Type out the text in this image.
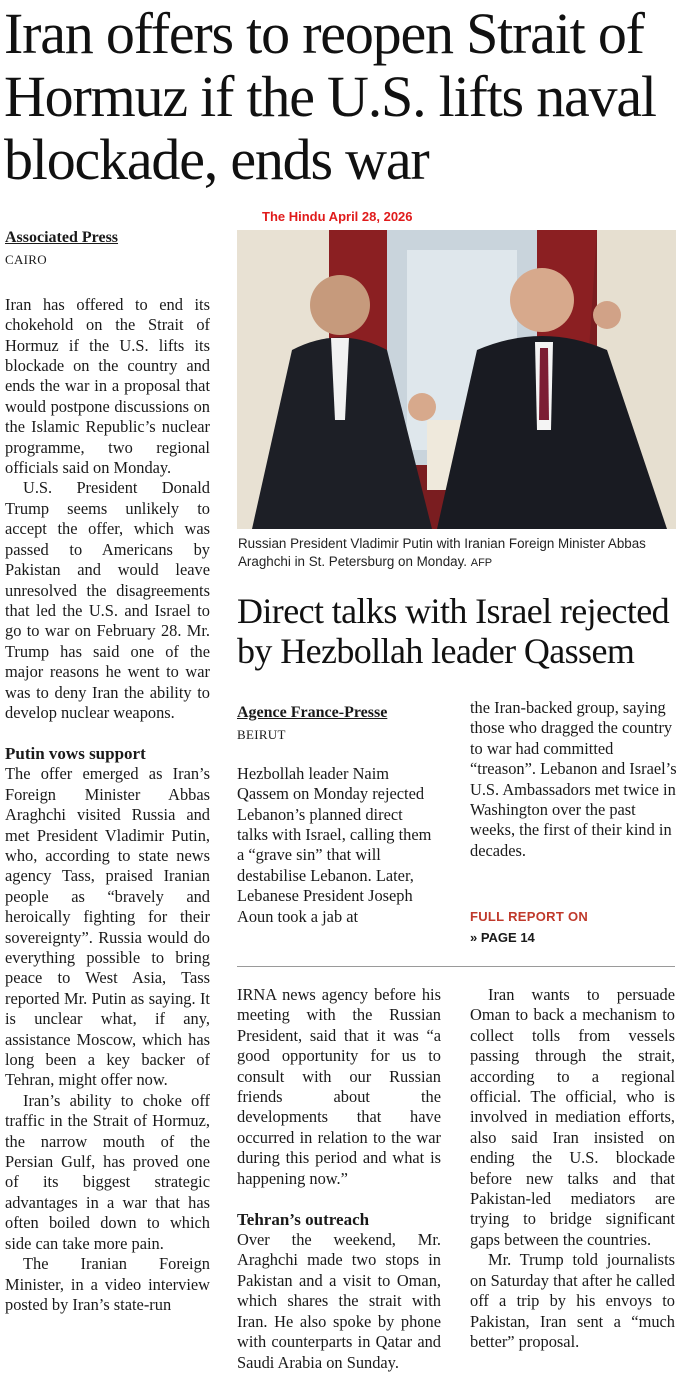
Iran offers to reopen Strait of Hormuz if the U.S. lifts naval blockade, ends war
The Hindu April 28, 2026
Associated Press
CAIRO

Iran has offered to end its chokehold on the Strait of Hormuz if the U.S. lifts its blockade on the country and ends the war in a proposal that would postpone discussions on the Islamic Republic’s nuclear programme, two regional officials said on Monday.

U.S. President Donald Trump seems unlikely to accept the offer, which was passed to Americans by Pakistan and would leave unresolved the disagreements that led the U.S. and Israel to go to war on February 28. Mr. Trump has said one of the major reasons he went to war was to deny Iran the ability to develop nuclear weapons.

Putin vows support

The offer emerged as Iran’s Foreign Minister Abbas Araghchi visited Russia and met President Vladimir Putin, who, according to state news agency Tass, praised Iranian people as “bravely and heroically fighting for their sovereignty”. Russia would do everything possible to bring peace to West Asia, Tass reported Mr. Putin as saying. It is unclear what, if any, assistance Moscow, which has long been a key backer of Tehran, might offer now.

Iran’s ability to choke off traffic in the Strait of Hormuz, the narrow mouth of the Persian Gulf, has proved one of its biggest strategic advantages in a war that has often boiled down to which side can take more pain.

The Iranian Foreign Minister, in a video interview posted by Iran’s state-run

Russian President Vladimir Putin with Iranian Foreign Minister Abbas Araghchi in St. Petersburg on Monday. AFP
Direct talks with Israel rejected by Hezbollah leader Qassem
Agence France-Presse
BEIRUT

Hezbollah leader Naim Qassem on Monday rejected Lebanon’s planned direct talks with Israel, calling them a “grave sin” that will destabilise Lebanon. Later, Lebanese President Joseph Aoun took a jab at

the Iran-backed group, saying those who dragged the country to war had committed “treason”. Lebanon and Israel’s U.S. Ambassadors met twice in Washington over the past weeks, the first of their kind in decades.

FULL REPORT ON
» PAGE 14

IRNA news agency before his meeting with the Russian President, said that it was “a good opportunity for us to consult with our Russian friends about the developments that have occurred in relation to the war during this period and what is happening now.”

Tehran’s outreach

Over the weekend, Mr. Araghchi made two stops in Pakistan and a visit to Oman, which shares the strait with Iran. He also spoke by phone with counterparts in Qatar and Saudi Arabia on Sunday.

Iran wants to persuade Oman to back a mechanism to collect tolls from vessels passing through the strait, according to a regional official. The official, who is involved in mediation efforts, also said Iran insisted on ending the U.S. blockade before new talks and that Pakistan-led mediators are trying to bridge significant gaps between the countries.

Mr. Trump told journalists on Saturday that after he called off a trip by his envoys to Pakistan, Iran sent a “much better” proposal.
